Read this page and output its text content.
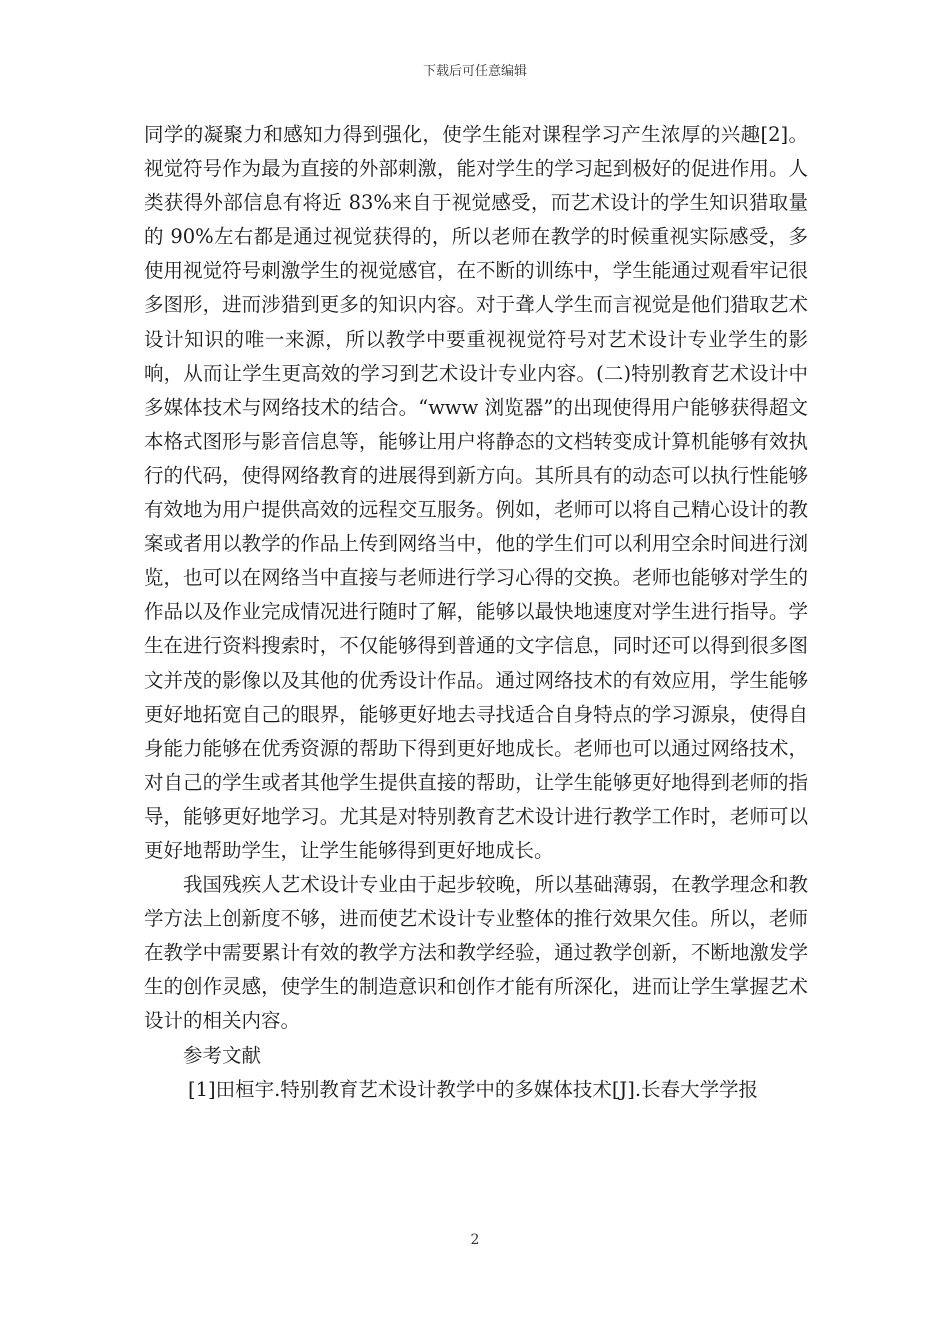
下载后可任意编辑

同学的凝聚力和感知力得到强化，使学生能对课程学习产生浓厚的兴趣[2]。视觉符号作为最为直接的外部刺激，能对学生的学习起到极好的促进作用。人类获得外部信息有将近 83%来自于视觉感受，而艺术设计的学生知识猎取量的 90%左右都是通过视觉获得的，所以老师在教学的时候重视实际感受，多使用视觉符号刺激学生的视觉感官，在不断的训练中，学生能通过观看牢记很多图形，进而涉猎到更多的知识内容。对于聋人学生而言视觉是他们猎取艺术设计知识的唯一来源，所以教学中要重视视觉符号对艺术设计专业学生的影响，从而让学生更高效的学习到艺术设计专业内容。(二)特别教育艺术设计中多媒体技术与网络技术的结合。“www 浏览器”的出现使得用户能够获得超文本格式图形与影音信息等，能够让用户将静态的文档转变成计算机能够有效执行的代码，使得网络教育的进展得到新方向。其所具有的动态可以执行性能够有效地为用户提供高效的远程交互服务。例如，老师可以将自己精心设计的教案或者用以教学的作品上传到网络当中，他的学生们可以利用空余时间进行浏览，也可以在网络当中直接与老师进行学习心得的交换。老师也能够对学生的作品以及作业完成情况进行随时了解，能够以最快地速度对学生进行指导。学生在进行资料搜索时，不仅能够得到普通的文字信息，同时还可以得到很多图文并茂的影像以及其他的优秀设计作品。通过网络技术的有效应用，学生能够更好地拓宽自己的眼界，能够更好地去寻找适合自身特点的学习源泉，使得自身能力能够在优秀资源的帮助下得到更好地成长。老师也可以通过网络技术，对自己的学生或者其他学生提供直接的帮助，让学生能够更好地得到老师的指导，能够更好地学习。尤其是对特别教育艺术设计进行教学工作时，老师可以更好地帮助学生，让学生能够得到更好地成长。

我国残疾人艺术设计专业由于起步较晚，所以基础薄弱，在教学理念和教学方法上创新度不够，进而使艺术设计专业整体的推行效果欠佳。所以，老师在教学中需要累计有效的教学方法和教学经验，通过教学创新，不断地激发学生的创作灵感，使学生的制造意识和创作才能有所深化，进而让学生掌握艺术设计的相关内容。

参考文献

[1]田桓宇.特别教育艺术设计教学中的多媒体技术[J].长春大学学报

2
